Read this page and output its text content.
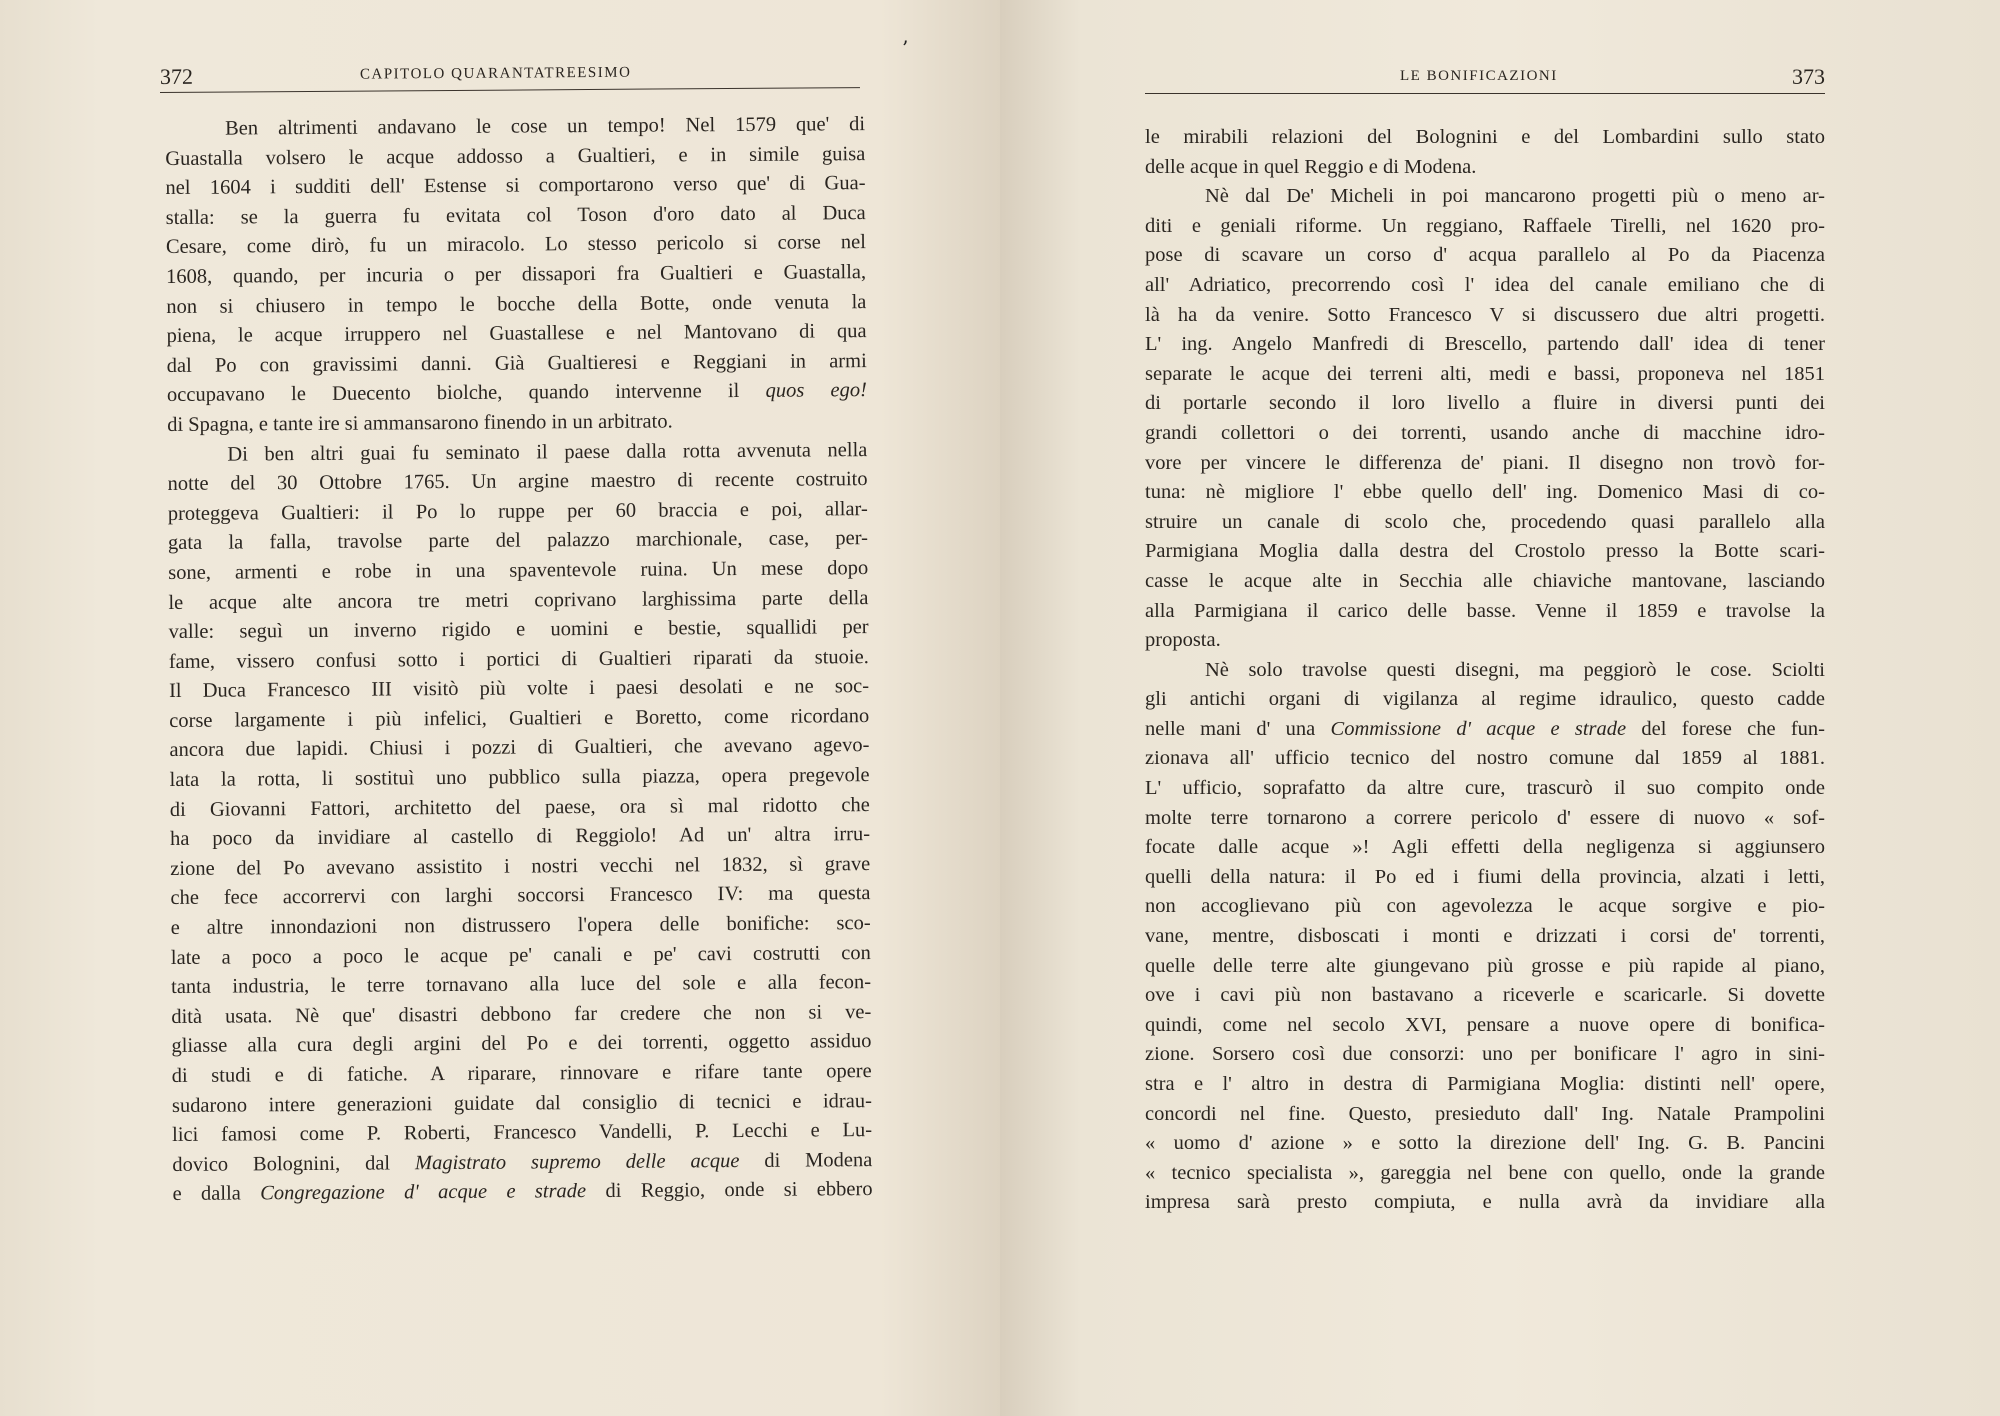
372	CAPITOLO QUARANTATREESIMO

Ben altrimenti andavano le cose un tempo! Nel 1579 que' di

Guastalla volsero le acque addosso a Gualtieri, e in simile guisa

nel 1604 i sudditi dell' Estense si comportarono verso que' di Gua-

stalla: se la guerra fu evitata col Toson d'oro dato al Duca

Cesare, come dirò, fu un miracolo. Lo stesso pericolo si corse nel

1608, quando, per incuria o per dissapori fra Gualtieri e Guastalla,

non si chiusero in tempo le bocche della Botte, onde venuta la

piena, le acque irruppero nel Guastallese e nel Mantovano di qua

dal Po con gravissimi danni. Già Gualtieresi e Reggiani in armi

occupavano le Duecento biolche, quando intervenne il quos ego!

di Spagna, e tante ire si ammansarono finendo in un arbitrato.

Di ben altri guai fu seminato il paese dalla rotta avvenuta nella

notte del 30 Ottobre 1765. Un argine maestro di recente costruito

proteggeva Gualtieri: il Po lo ruppe per 60 braccia e poi, allar-

gata la falla, travolse parte del palazzo marchionale, case, per-

sone, armenti e robe in una spaventevole ruina. Un mese dopo

le acque alte ancora tre metri coprivano larghissima parte della

valle: seguì un inverno rigido e uomini e bestie, squallidi per

fame, vissero confusi sotto i portici di Gualtieri riparati da stuoie.

Il Duca Francesco III visitò più volte i paesi desolati e ne soc-

corse largamente i più infelici, Gualtieri e Boretto, come ricordano

ancora due lapidi. Chiusi i pozzi di Gualtieri, che avevano agevo-

lata la rotta, li sostituì uno pubblico sulla piazza, opera pregevole

di Giovanni Fattori, architetto del paese, ora sì mal ridotto che

ha poco da invidiare al castello di Reggiolo! Ad un' altra irru-

zione del Po avevano assistito i nostri vecchi nel 1832, sì grave

che fece accorrervi con larghi soccorsi Francesco IV: ma questa

e altre innondazioni non distrussero l'opera delle bonifiche: sco-

late a poco a poco le acque pe' canali e pe' cavi costrutti con

tanta industria, le terre tornavano alla luce del sole e alla fecon-

dità usata. Nè que' disastri debbono far credere che non si ve-

gliasse alla cura degli argini del Po e dei torrenti, oggetto assiduo

di studi e di fatiche. A riparare, rinnovare e rifare tante opere

sudarono intere generazioni guidate dal consiglio di tecnici e idrau-

lici famosi come P. Roberti, Francesco Vandelli, P. Lecchi e Lu-

dovico Bolognini, dal Magistrato supremo delle acque di Modena

e dalla Congregazione d' acque e strade di Reggio, onde si ebbero

’
LE BONIFICAZIONI	373

le mirabili relazioni del Bolognini e del Lombardini sullo stato

delle acque in quel Reggio e di Modena.

Nè dal De' Micheli in poi mancarono progetti più o meno ar-

diti e geniali riforme. Un reggiano, Raffaele Tirelli, nel 1620 pro-

pose di scavare un corso d' acqua parallelo al Po da Piacenza

all' Adriatico, precorrendo così l' idea del canale emiliano che di

là ha da venire. Sotto Francesco V si discussero due altri progetti.

L' ing. Angelo Manfredi di Brescello, partendo dall' idea di tener

separate le acque dei terreni alti, medi e bassi, proponeva nel 1851

di portarle secondo il loro livello a fluire in diversi punti dei

grandi collettori o dei torrenti, usando anche di macchine idro-

vore per vincere le differenza de' piani. Il disegno non trovò for-

tuna: nè migliore l' ebbe quello dell' ing. Domenico Masi di co-

struire un canale di scolo che, procedendo quasi parallelo alla

Parmigiana Moglia dalla destra del Crostolo presso la Botte scari-

casse le acque alte in Secchia alle chiaviche mantovane, lasciando

alla Parmigiana il carico delle basse. Venne il 1859 e travolse la

proposta.

Nè solo travolse questi disegni, ma peggiorò le cose. Sciolti

gli antichi organi di vigilanza al regime idraulico, questo cadde

nelle mani d' una Commissione d' acque e strade del forese che fun-

zionava all' ufficio tecnico del nostro comune dal 1859 al 1881.

L' ufficio, soprafatto da altre cure, trascurò il suo compito onde

molte terre tornarono a correre pericolo d' essere di nuovo « sof-

focate dalle acque »! Agli effetti della negligenza si aggiunsero

quelli della natura: il Po ed i fiumi della provincia, alzati i letti,

non accoglievano più con agevolezza le acque sorgive e pio-

vane, mentre, disboscati i monti e drizzati i corsi de' torrenti,

quelle delle terre alte giungevano più grosse e più rapide al piano,

ove i cavi più non bastavano a riceverle e scaricarle. Si dovette

quindi, come nel secolo XVI, pensare a nuove opere di bonifica-

zione. Sorsero così due consorzi: uno per bonificare l' agro in sini-

stra e l' altro in destra di Parmigiana Moglia: distinti nell' opere,

concordi nel fine. Questo, presieduto dall' Ing. Natale Prampolini

« uomo d' azione » e sotto la direzione dell' Ing. G. B. Pancini

« tecnico specialista », gareggia nel bene con quello, onde la grande

impresa sarà presto compiuta, e nulla avrà da invidiare alla
